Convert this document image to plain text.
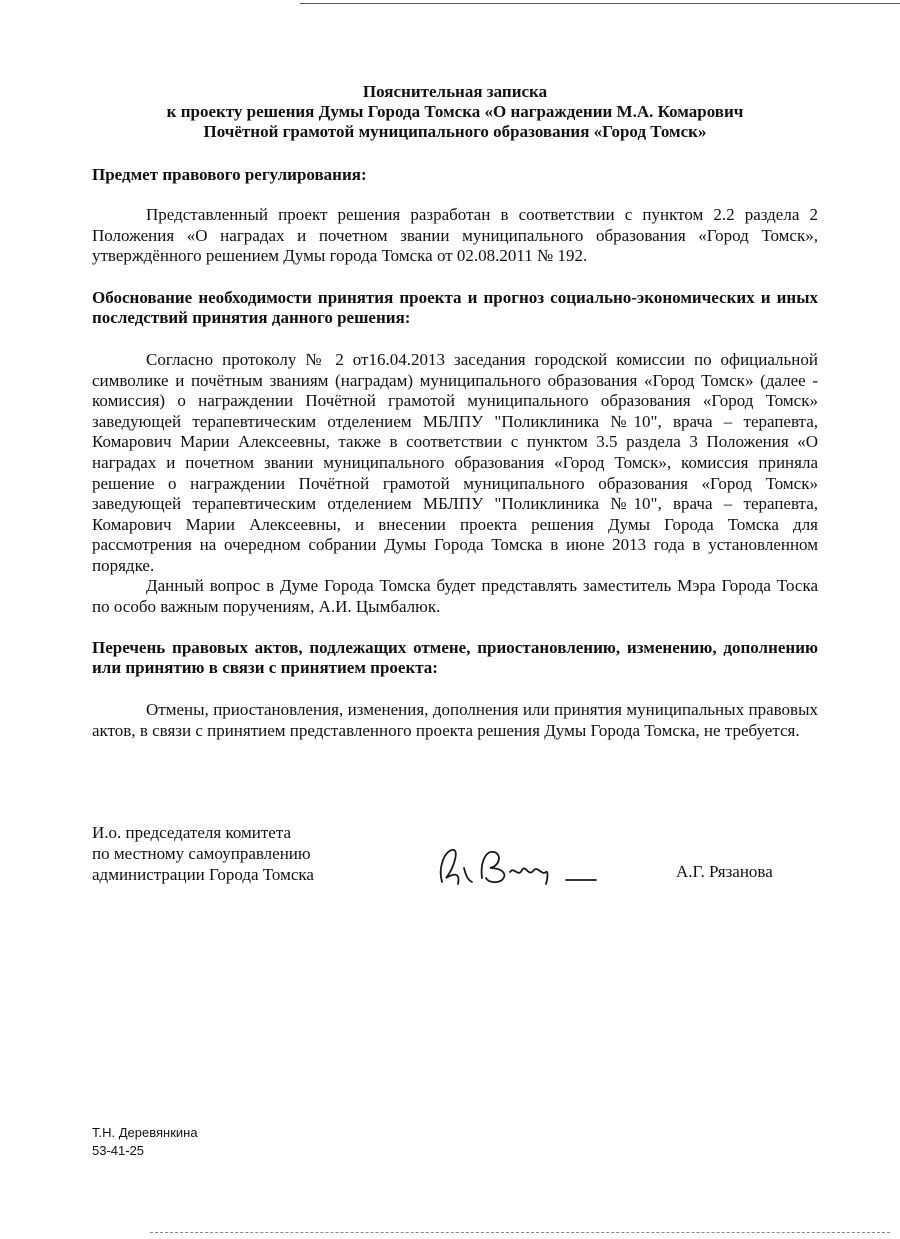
Пояснительная записка
к проекту решения Думы Города Томска «О награждении М.А. Комарович
Почётной грамотой муниципального образования «Город Томск»
Предмет правового регулирования:
Представленный проект решения разработан в соответствии с пунктом 2.2 раздела 2 Положения «О наградах и почетном звании муниципального образования «Город Томск», утверждённого решением Думы города Томска от 02.08.2011 № 192.
Обоснование необходимости принятия проекта и прогноз социально-экономических и иных последствий принятия данного решения:
Согласно протоколу № 2 от16.04.2013 заседания городской комиссии по официальной символике и почётным званиям (наградам) муниципального образования «Город Томск» (далее - комиссия) о награждении Почётной грамотой муниципального образования «Город Томск» заведующей терапевтическим отделением МБЛПУ "Поликлиника №10", врача – терапевта, Комарович Марии Алексеевны, также в соответствии с пунктом 3.5 раздела 3 Положения «О наградах и почетном звании муниципального образования «Город Томск», комиссия приняла решение о награждении Почётной грамотой муниципального образования «Город Томск» заведующей терапевтическим отделением МБЛПУ "Поликлиника №10", врача – терапевта, Комарович Марии Алексеевны, и внесении проекта решения Думы Города Томска для рассмотрения на очередном собрании Думы Города Томска в июне 2013 года в установленном порядке.
Данный вопрос в Думе Города Томска будет представлять заместитель Мэра Города Тоска по особо важным поручениям, А.И. Цымбалюк.
Перечень правовых актов, подлежащих отмене, приостановлению, изменению, дополнению или принятию в связи с принятием проекта:
Отмены, приостановления, изменения, дополнения или принятия муниципальных правовых актов, в связи с принятием представленного проекта решения Думы Города Томска, не требуется.
И.о. председателя комитета
по местному самоуправлению
администрации Города Томска	А.Г. Рязанова
Т.Н. Деревянкина
53-41-25
